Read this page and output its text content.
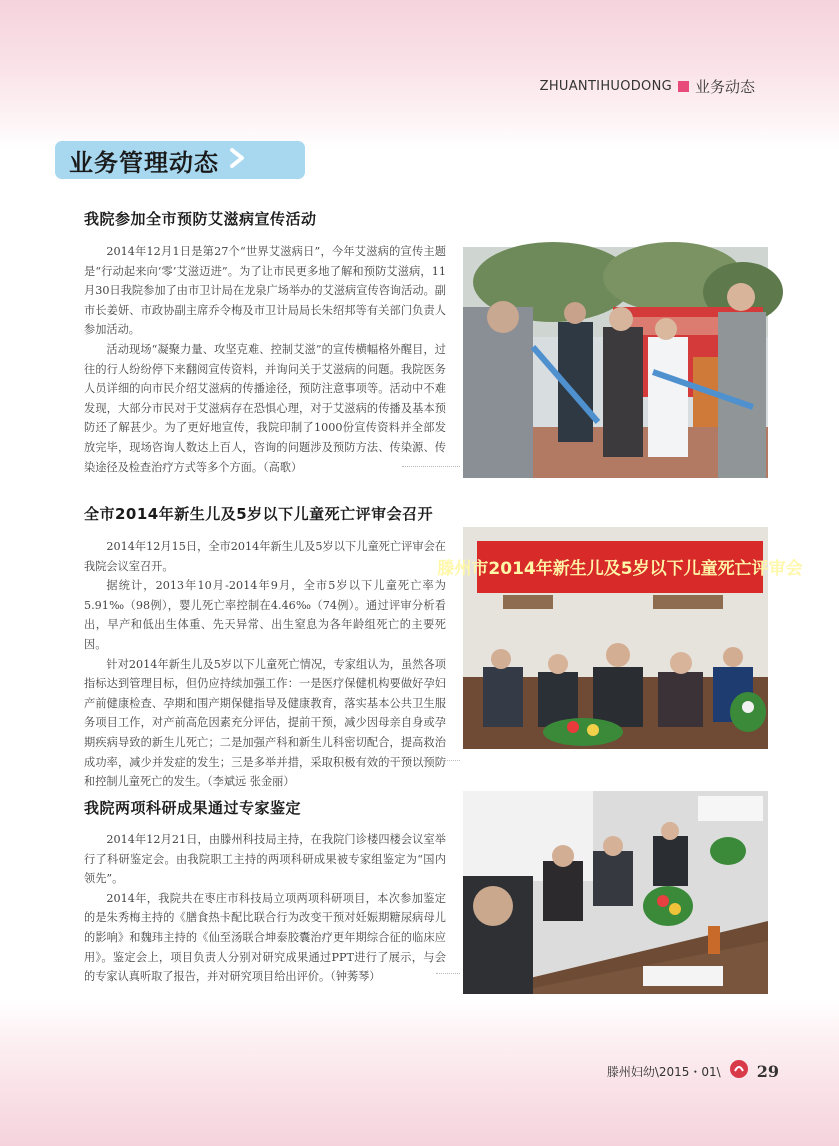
ZHUANTIHUODONG 业务动态
业务管理动态
我院参加全市预防艾滋病宣传活动

2014年12月1日是第27个“世界艾滋病日”，今年艾滋病的宣传主题是“行动起来向‘零’艾滋迈进”。为了让市民更多地了解和预防艾滋病，11月30日我院参加了由市卫计局在龙泉广场举办的艾滋病宣传咨询活动。副市长姜妍、市政协副主席乔令梅及市卫计局局长朱绍邦等有关部门负责人参加活动。

活动现场“凝聚力量、攻坚克难、控制艾滋”的宣传横幅格外醒目，过往的行人纷纷停下来翻阅宣传资料，并询问关于艾滋病的问题。我院医务人员详细的向市民介绍艾滋病的传播途径，预防注意事项等。活动中不难发现，大部分市民对于艾滋病存在恐惧心理，对于艾滋病的传播及基本预防还了解甚少。为了更好地宣传，我院印制了1000份宣传资料并全部发放完毕，现场咨询人数达上百人，咨询的问题涉及预防方法、传染源、传染途径及检查治疗方式等多个方面。（高歌）

全市2014年新生儿及5岁以下儿童死亡评审会召开

2014年12月15日，全市2014年新生儿及5岁以下儿童死亡评审会在我院会议室召开。

据统计，2013年10月-2014年9月，全市5岁以下儿童死亡率为5.91‰（98例），婴儿死亡率控制在4.46‰（74例）。通过评审分析看出，早产和低出生体重、先天异常、出生窒息为各年龄组死亡的主要死因。

针对2014年新生儿及5岁以下儿童死亡情况，专家组认为，虽然各项指标达到管理目标，但仍应持续加强工作：一是医疗保健机构要做好孕妇产前健康检查、孕期和围产期保健指导及健康教育，落实基本公共卫生服务项目工作，对产前高危因素充分评估，提前干预，减少因母亲自身或孕期疾病导致的新生儿死亡；二是加强产科和新生儿科密切配合，提高救治成功率，减少并发症的发生；三是多举并措，采取积极有效的干预以预防和控制儿童死亡的发生。（李斌远 张金丽）

滕州市2014年新生儿及5岁以下儿童死亡评审会
我院两项科研成果通过专家鉴定

2014年12月21日，由滕州科技局主持，在我院门诊楼四楼会议室举行了科研鉴定会。由我院职工主持的两项科研成果被专家组鉴定为“国内领先”。

2014年，我院共在枣庄市科技局立项两项科研项目，本次参加鉴定的是朱秀梅主持的《膳食热卡配比联合行为改变干预对妊娠期糖尿病母儿的影响》和魏玮主持的《仙至汤联合坤泰胶囊治疗更年期综合征的临床应用》。鉴定会上，项目负责人分别对研究成果通过PPT进行了展示，与会的专家认真听取了报告，并对研究项目给出评价。（钟莠琴）

滕州妇幼\2015・01\ 29
